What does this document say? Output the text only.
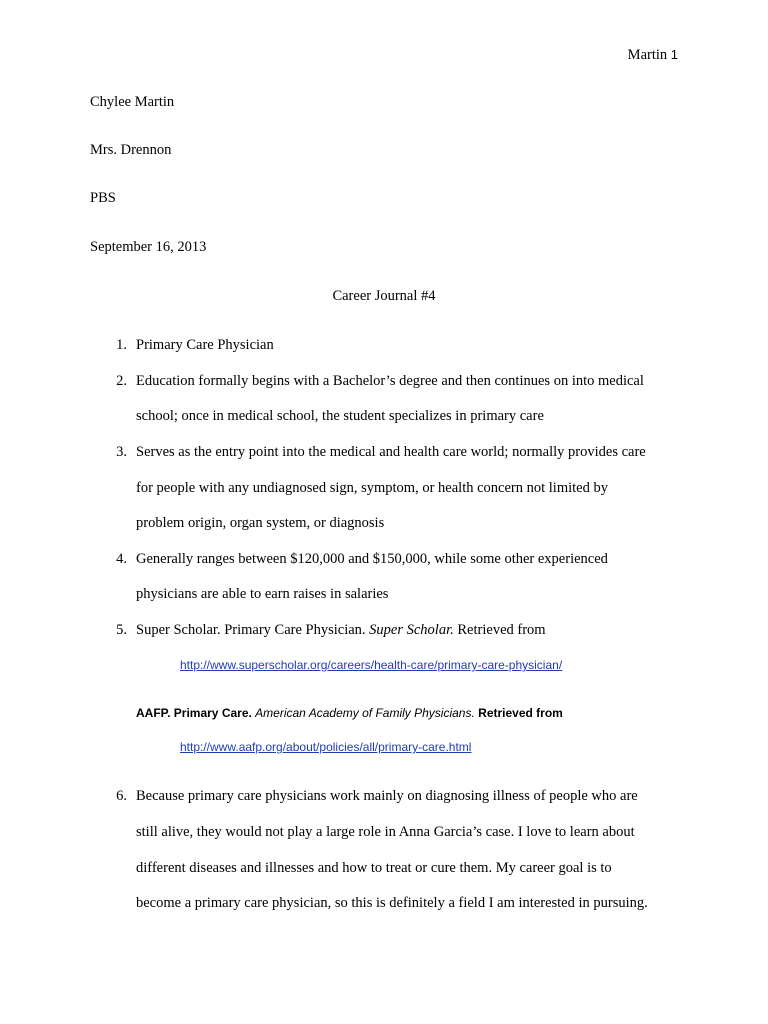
Martin 1
Chylee Martin
Mrs. Drennon
PBS
September 16, 2013
Career Journal #4
1. Primary Care Physician
2. Education formally begins with a Bachelor’s degree and then continues on into medical
school; once in medical school, the student specializes in primary care
3. Serves as the entry point into the medical and health care world; normally provides care
for people with any undiagnosed sign, symptom, or health concern not limited by
problem origin, organ system, or diagnosis
4. Generally ranges between $120,000 and $150,000, while some other experienced
physicians are able to earn raises in salaries
5. Super Scholar. Primary Care Physician. Super Scholar. Retrieved from
http://www.superscholar.org/careers/health-care/primary-care-physician/
AAFP. Primary Care. American Academy of Family Physicians. Retrieved from
http://www.aafp.org/about/policies/all/primary-care.html
6. Because primary care physicians work mainly on diagnosing illness of people who are
still alive, they would not play a large role in Anna Garcia’s case. I love to learn about
different diseases and illnesses and how to treat or cure them. My career goal is to
become a primary care physician, so this is definitely a field I am interested in pursuing.
